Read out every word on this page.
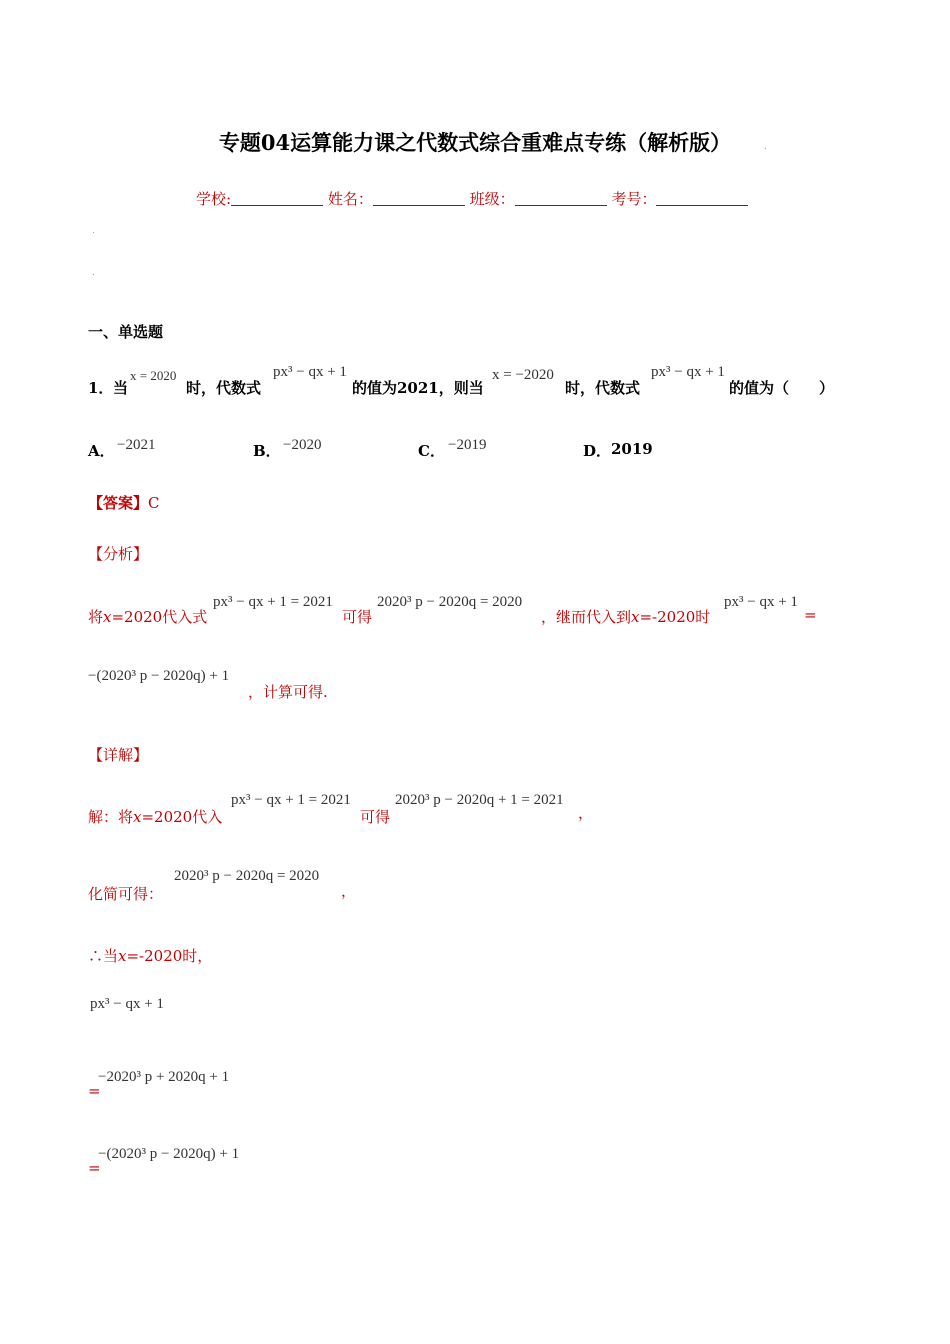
专题04运算能力课之代数式综合重难点专练（解析版）	.
学校:	姓名：	班级：	考号：
.
.
一、单选题
1． 当
x = 2020
时，代数式
px³ − qx + 1
的值为2021，则当
x = −2020
时，代数式
px³ − qx + 1
的值为（　　）
A． −2021	B． −2020	C． −2019	D． 2019
【答案】C
【分析】
将x=2020代入式
px³ − qx + 1 = 2021
可得
2020³ p − 2020q = 2020
，继而代入到x=-2020时
px³ − qx + 1
=
−(2020³ p − 2020q) + 1
，计算可得.
【详解】
解：将x=2020代入
px³ − qx + 1 = 2021
可得
2020³ p − 2020q + 1 = 2021
，
化简可得：
2020³ p − 2020q = 2020
，
∴当x=-2020时，
px³ − qx + 1
=
−2020³ p + 2020q + 1
=
−(2020³ p − 2020q) + 1
